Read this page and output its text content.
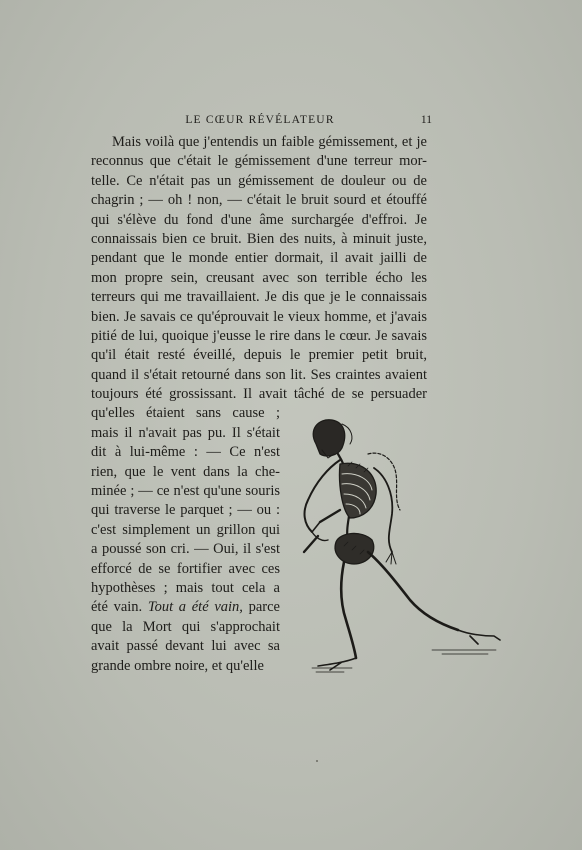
LE CŒUR RÉVÉLATEUR	11
Mais voilà que j'entendis un faible gémissement, et je
reconnus que c'était le gémissement d'une terreur mor-
telle. Ce n'était pas un gémissement de douleur ou de
chagrin ; — oh ! non, — c'était le bruit sourd et étouffé
qui s'élève du fond d'une âme surchargée d'effroi. Je
connaissais bien ce bruit. Bien des nuits, à minuit juste,
pendant que le monde entier dormait, il avait jailli de
mon propre sein, creusant avec son terrible écho les
terreurs qui me travaillaient. Je dis que je le connaissais
bien. Je savais ce qu'éprouvait le vieux homme, et j'avais
pitié de lui, quoique j'eusse le rire dans le cœur. Je savais
qu'il était resté éveillé, depuis le premier petit bruit,
quand il s'était retourné dans son lit. Ses craintes avaient
toujours été grossissant. Il avait tâché de se persuader
qu'elles étaient sans cause ;
mais il n'avait pas pu. Il s'était
dit à lui-même : — Ce n'est
rien, que le vent dans la che-
minée ; — ce n'est qu'une souris
qui traverse le parquet ; — ou :
c'est simplement un grillon qui
a poussé son cri. — Oui, il s'est
efforcé de se fortifier avec ces
hypothèses ; mais tout cela a
été vain. Tout a été vain, parce
que la Mort qui s'approchait
avait passé devant lui avec sa
grande ombre noire, et qu'elle
